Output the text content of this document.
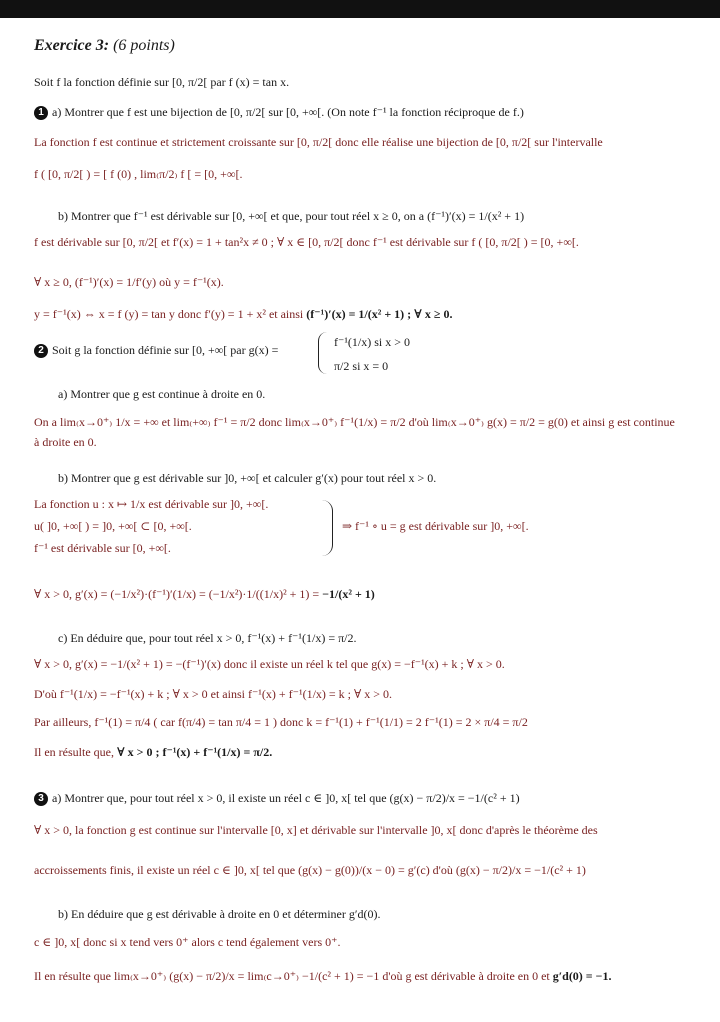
Exercice 3: (6 points)
Soit f la fonction définie sur [0, π/2[ par f (x) = tan x.
1 a) Montrer que f est une bijection de [0, π/2[ sur [0, +∞[. (On note f⁻¹ la fonction réciproque de f.)
La fonction f est continue et strictement croissante sur [0, π/2[ donc elle réalise une bijection de [0, π/2[ sur l'intervalle
f ( [0, π/2[ ) = [ f (0) , lim₍π/2₎ f [ = [0, +∞[.
b) Montrer que f⁻¹ est dérivable sur [0, +∞[ et que, pour tout réel x ≥ 0, on a (f⁻¹)′(x) = 1/(x² + 1)
f est dérivable sur [0, π/2[ et f′(x) = 1 + tan²x ≠ 0 ; ∀ x ∈ [0, π/2[ donc f⁻¹ est dérivable sur f ( [0, π/2[ ) = [0, +∞[.
∀ x ≥ 0, (f⁻¹)′(x) = 1/f′(y) où y = f⁻¹(x).
y = f⁻¹(x) ⇔ x = f (y) = tan y donc f′(y) = 1 + x² et ainsi (f⁻¹)′(x) = 1/(x² + 1) ; ∀ x ≥ 0.
2 Soit g la fonction définie sur [0, +∞[ par g(x) =
f⁻¹(1/x) si x > 0
π/2 si x = 0
a) Montrer que g est continue à droite en 0.
On a lim₍x→0⁺₎ 1/x = +∞ et lim₍+∞₎ f⁻¹ = π/2 donc lim₍x→0⁺₎ f⁻¹(1/x) = π/2 d'où lim₍x→0⁺₎ g(x) = π/2 = g(0) et ainsi g est continue
à droite en 0.
b) Montrer que g est dérivable sur ]0, +∞[ et calculer g′(x) pour tout réel x > 0.
La fonction u : x ↦ 1/x est dérivable sur ]0, +∞[.
u( ]0, +∞[ ) = ]0, +∞[ ⊂ [0, +∞[.
f⁻¹ est dérivable sur [0, +∞[.
⇒ f⁻¹ ∘ u = g est dérivable sur ]0, +∞[.
∀ x > 0, g′(x) = (−1/x²)·(f⁻¹)′(1/x) = (−1/x²)·1/((1/x)² + 1) = −1/(x² + 1)
c) En déduire que, pour tout réel x > 0, f⁻¹(x) + f⁻¹(1/x) = π/2.
∀ x > 0, g′(x) = −1/(x² + 1) = −(f⁻¹)′(x) donc il existe un réel k tel que g(x) = −f⁻¹(x) + k ; ∀ x > 0.
D'où f⁻¹(1/x) = −f⁻¹(x) + k ; ∀ x > 0 et ainsi f⁻¹(x) + f⁻¹(1/x) = k ; ∀ x > 0.
Par ailleurs, f⁻¹(1) = π/4 ( car f(π/4) = tan π/4 = 1 ) donc k = f⁻¹(1) + f⁻¹(1/1) = 2 f⁻¹(1) = 2 × π/4 = π/2
Il en résulte que, ∀ x > 0 ; f⁻¹(x) + f⁻¹(1/x) = π/2.
3 a) Montrer que, pour tout réel x > 0, il existe un réel c ∈ ]0, x[ tel que (g(x) − π/2)/x = −1/(c² + 1)
∀ x > 0, la fonction g est continue sur l'intervalle [0, x] et dérivable sur l'intervalle ]0, x[ donc d'après le théorème des
accroissements finis, il existe un réel c ∈ ]0, x[ tel que (g(x) − g(0))/(x − 0) = g′(c) d'où (g(x) − π/2)/x = −1/(c² + 1)
b) En déduire que g est dérivable à droite en 0 et déterminer g′d(0).
c ∈ ]0, x[ donc si x tend vers 0⁺ alors c tend également vers 0⁺.
Il en résulte que lim₍x→0⁺₎ (g(x) − π/2)/x = lim₍c→0⁺₎ −1/(c² + 1) = −1 d'où g est dérivable à droite en 0 et g′d(0) = −1.
